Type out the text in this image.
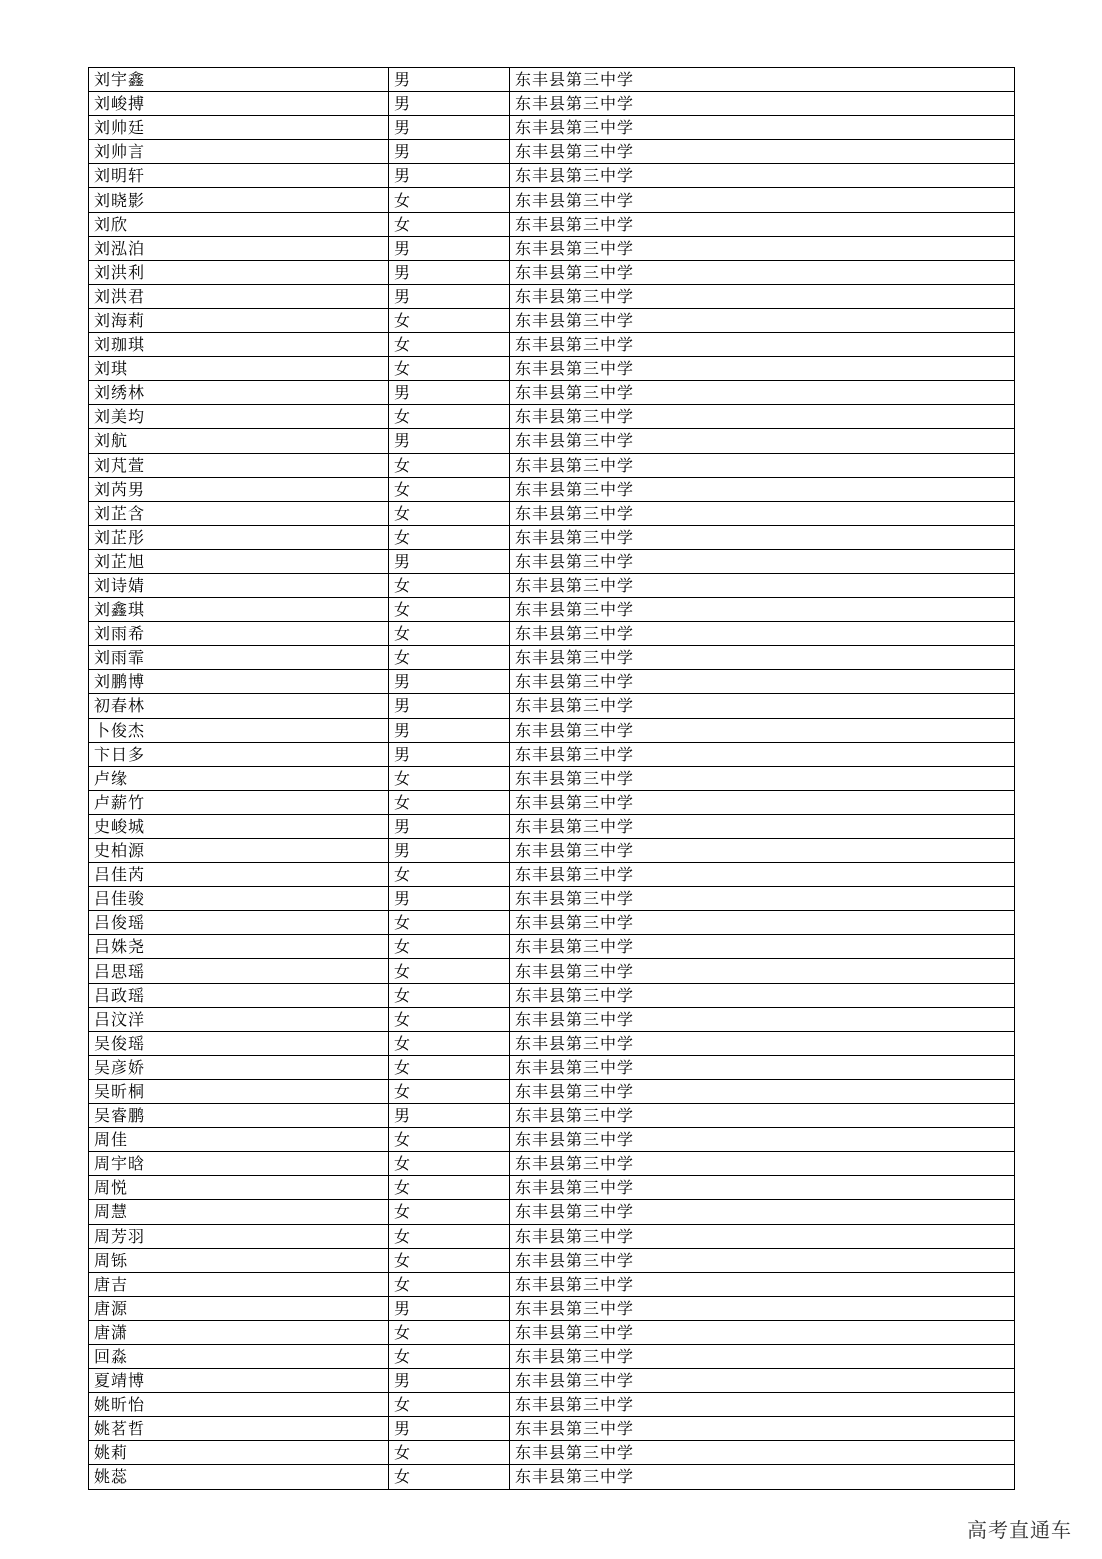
刘宇鑫	男	东丰县第三中学
刘峻搏	男	东丰县第三中学
刘帅廷	男	东丰县第三中学
刘帅言	男	东丰县第三中学
刘明轩	男	东丰县第三中学
刘晓影	女	东丰县第三中学
刘欣	女	东丰县第三中学
刘泓泊	男	东丰县第三中学
刘洪利	男	东丰县第三中学
刘洪君	男	东丰县第三中学
刘海莉	女	东丰县第三中学
刘珈琪	女	东丰县第三中学
刘琪	女	东丰县第三中学
刘绣林	男	东丰县第三中学
刘美均	女	东丰县第三中学
刘航	男	东丰县第三中学
刘芃萱	女	东丰县第三中学
刘芮男	女	东丰县第三中学
刘芷含	女	东丰县第三中学
刘芷彤	女	东丰县第三中学
刘芷旭	男	东丰县第三中学
刘诗婧	女	东丰县第三中学
刘鑫琪	女	东丰县第三中学
刘雨希	女	东丰县第三中学
刘雨霏	女	东丰县第三中学
刘鹏博	男	东丰县第三中学
初春林	男	东丰县第三中学
卜俊杰	男	东丰县第三中学
卞日多	男	东丰县第三中学
卢缘	女	东丰县第三中学
卢薪竹	女	东丰县第三中学
史峻城	男	东丰县第三中学
史柏源	男	东丰县第三中学
吕佳芮	女	东丰县第三中学
吕佳骏	男	东丰县第三中学
吕俊瑶	女	东丰县第三中学
吕姝尧	女	东丰县第三中学
吕思瑶	女	东丰县第三中学
吕政瑶	女	东丰县第三中学
吕汶洋	女	东丰县第三中学
吴俊瑶	女	东丰县第三中学
吴彦娇	女	东丰县第三中学
吴昕桐	女	东丰县第三中学
吴睿鹏	男	东丰县第三中学
周佳	女	东丰县第三中学
周宇晗	女	东丰县第三中学
周悦	女	东丰县第三中学
周慧	女	东丰县第三中学
周芳羽	女	东丰县第三中学
周铄	女	东丰县第三中学
唐吉	女	东丰县第三中学
唐源	男	东丰县第三中学
唐潇	女	东丰县第三中学
回淼	女	东丰县第三中学
夏靖博	男	东丰县第三中学
姚昕怡	女	东丰县第三中学
姚茗哲	男	东丰县第三中学
姚莉	女	东丰县第三中学
姚蕊	女	东丰县第三中学
高考直通车
